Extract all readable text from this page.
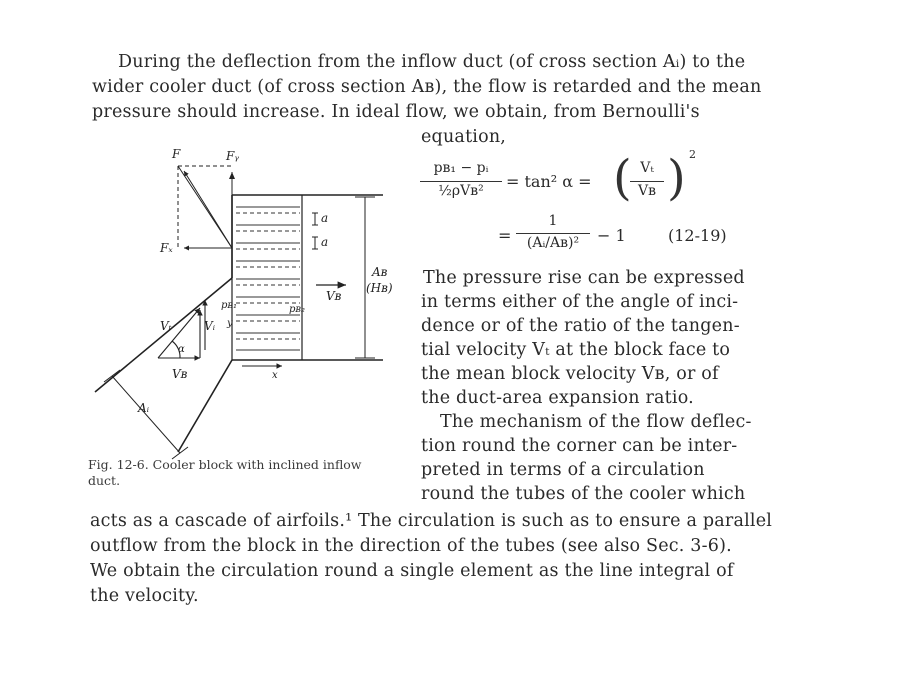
During the deflection from the inflow duct (of cross section Aᵢ) to the
wider cooler duct (of cross section Aʙ), the flow is retarded and the mean
pressure should increase. In ideal flow, we obtain, from Bernoulli's
equation,
pʙ₁ − pᵢ
½ρVʙ²	= tan² α = ( Vₜ
Vʙ ) 2
=
1
(Aᵢ/Aʙ)²	− 1	(12-19)
The pressure rise can be expressed
in terms either of the angle of inci-
dence or of the ratio of the tangen-
tial velocity Vₜ at the block face to
the mean block velocity Vʙ, or of
the duct-area expansion ratio.
The mechanism of the flow deflec-
tion round the corner can be inter-
preted in terms of a circulation
round the tubes of the cooler which
acts as a cascade of airfoils.¹ The circulation is such as to ensure a parallel
outflow from the block in the direction of the tubes (see also Sec. 3-6).
We obtain the circulation round a single element as the line integral of
the velocity.
Fig. 12-6. Cooler block with inclined inflow
duct.
F	Fᵧ
Fₓ
a
a
Aʙ
(Hʙ)
Vʙ
pʙ₁	pʙ₂
y
x
Vₜ	Vᵢ
α
Vʙ
Aᵢ
